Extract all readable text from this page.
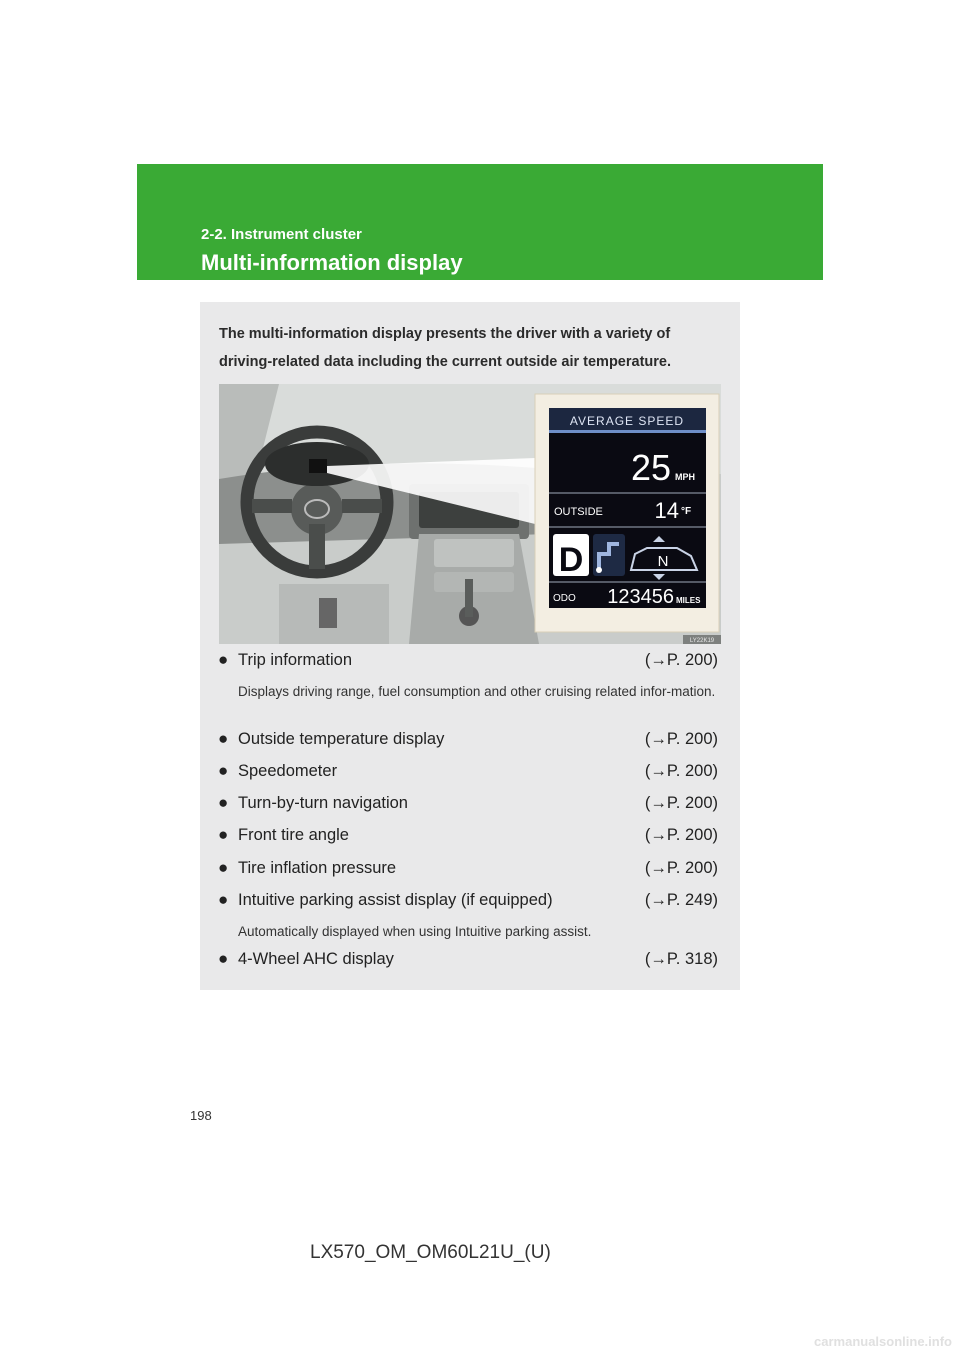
2-2. Instrument cluster
Multi-information display
The multi-information display presents the driver with a variety of driving-related data including the current outside air temperature.
AVERAGE SPEED
25 MPH
OUTSIDE 14 °F
D	N
ODO 123456 MILES
LY22K19
● Trip information	(→P. 200)
Displays driving range, fuel consumption and other cruising related infor-mation.
● Outside temperature display	(→P. 200)
● Speedometer	(→P. 200)
● Turn-by-turn navigation	(→P. 200)
● Front tire angle	(→P. 200)
● Tire inflation pressure	(→P. 200)
● Intuitive parking assist display (if equipped)	(→P. 249)
Automatically displayed when using Intuitive parking assist.
● 4-Wheel AHC display	(→P. 318)
198
LX570_OM_OM60L21U_(U)
carmanualsonline.info
